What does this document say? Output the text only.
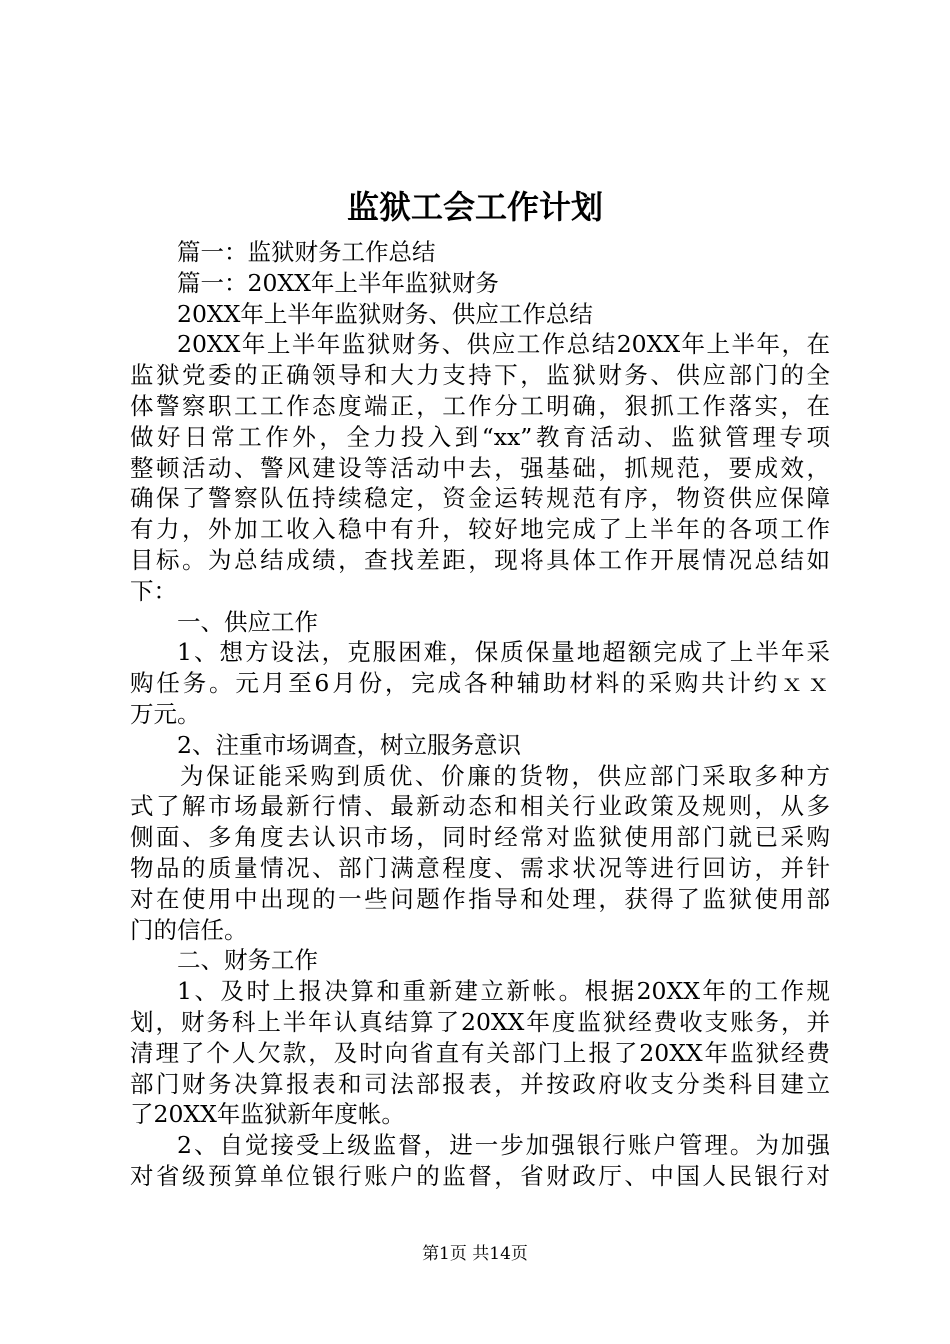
监狱工会工作计划
篇一：监狱财务工作总结
篇一：20XX年上半年监狱财务
20XX年上半年监狱财务、供应工作总结
20XX年上半年监狱财务、供应工作总结20XX年上半年，在
监狱党委的正确领导和大力支持下，监狱财务、供应部门的全
体警察职工工作态度端正，工作分工明确，狠抓工作落实，在
做好日常工作外，全力投入到“xx”教育活动、监狱管理专项
整顿活动、警风建设等活动中去，强基础，抓规范，要成效，
确保了警察队伍持续稳定，资金运转规范有序，物资供应保障
有力，外加工收入稳中有升，较好地完成了上半年的各项工作
目标。为总结成绩，查找差距，现将具体工作开展情况总结如
下：
一、供应工作
1、想方设法，克服困难，保质保量地超额完成了上半年采
购任务。元月至6月份，完成各种辅助材料的采购共计约ｘｘ
万元。
2、注重市场调查，树立服务意识
为保证能采购到质优、价廉的货物，供应部门采取多种方
式了解市场最新行情、最新动态和相关行业政策及规则，从多
侧面、多角度去认识市场，同时经常对监狱使用部门就已采购
物品的质量情况、部门满意程度、需求状况等进行回访，并针
对在使用中出现的一些问题作指导和处理，获得了监狱使用部
门的信任。
二、财务工作
1、及时上报决算和重新建立新帐。根据20XX年的工作规
划，财务科上半年认真结算了20XX年度监狱经费收支账务，并
清理了个人欠款，及时向省直有关部门上报了20XX年监狱经费
部门财务决算报表和司法部报表，并按政府收支分类科目建立
了20XX年监狱新年度帐。
2、自觉接受上级监督，进一步加强银行账户管理。为加强
对省级预算单位银行账户的监督，省财政厅、中国人民银行对
第1页 共14页
